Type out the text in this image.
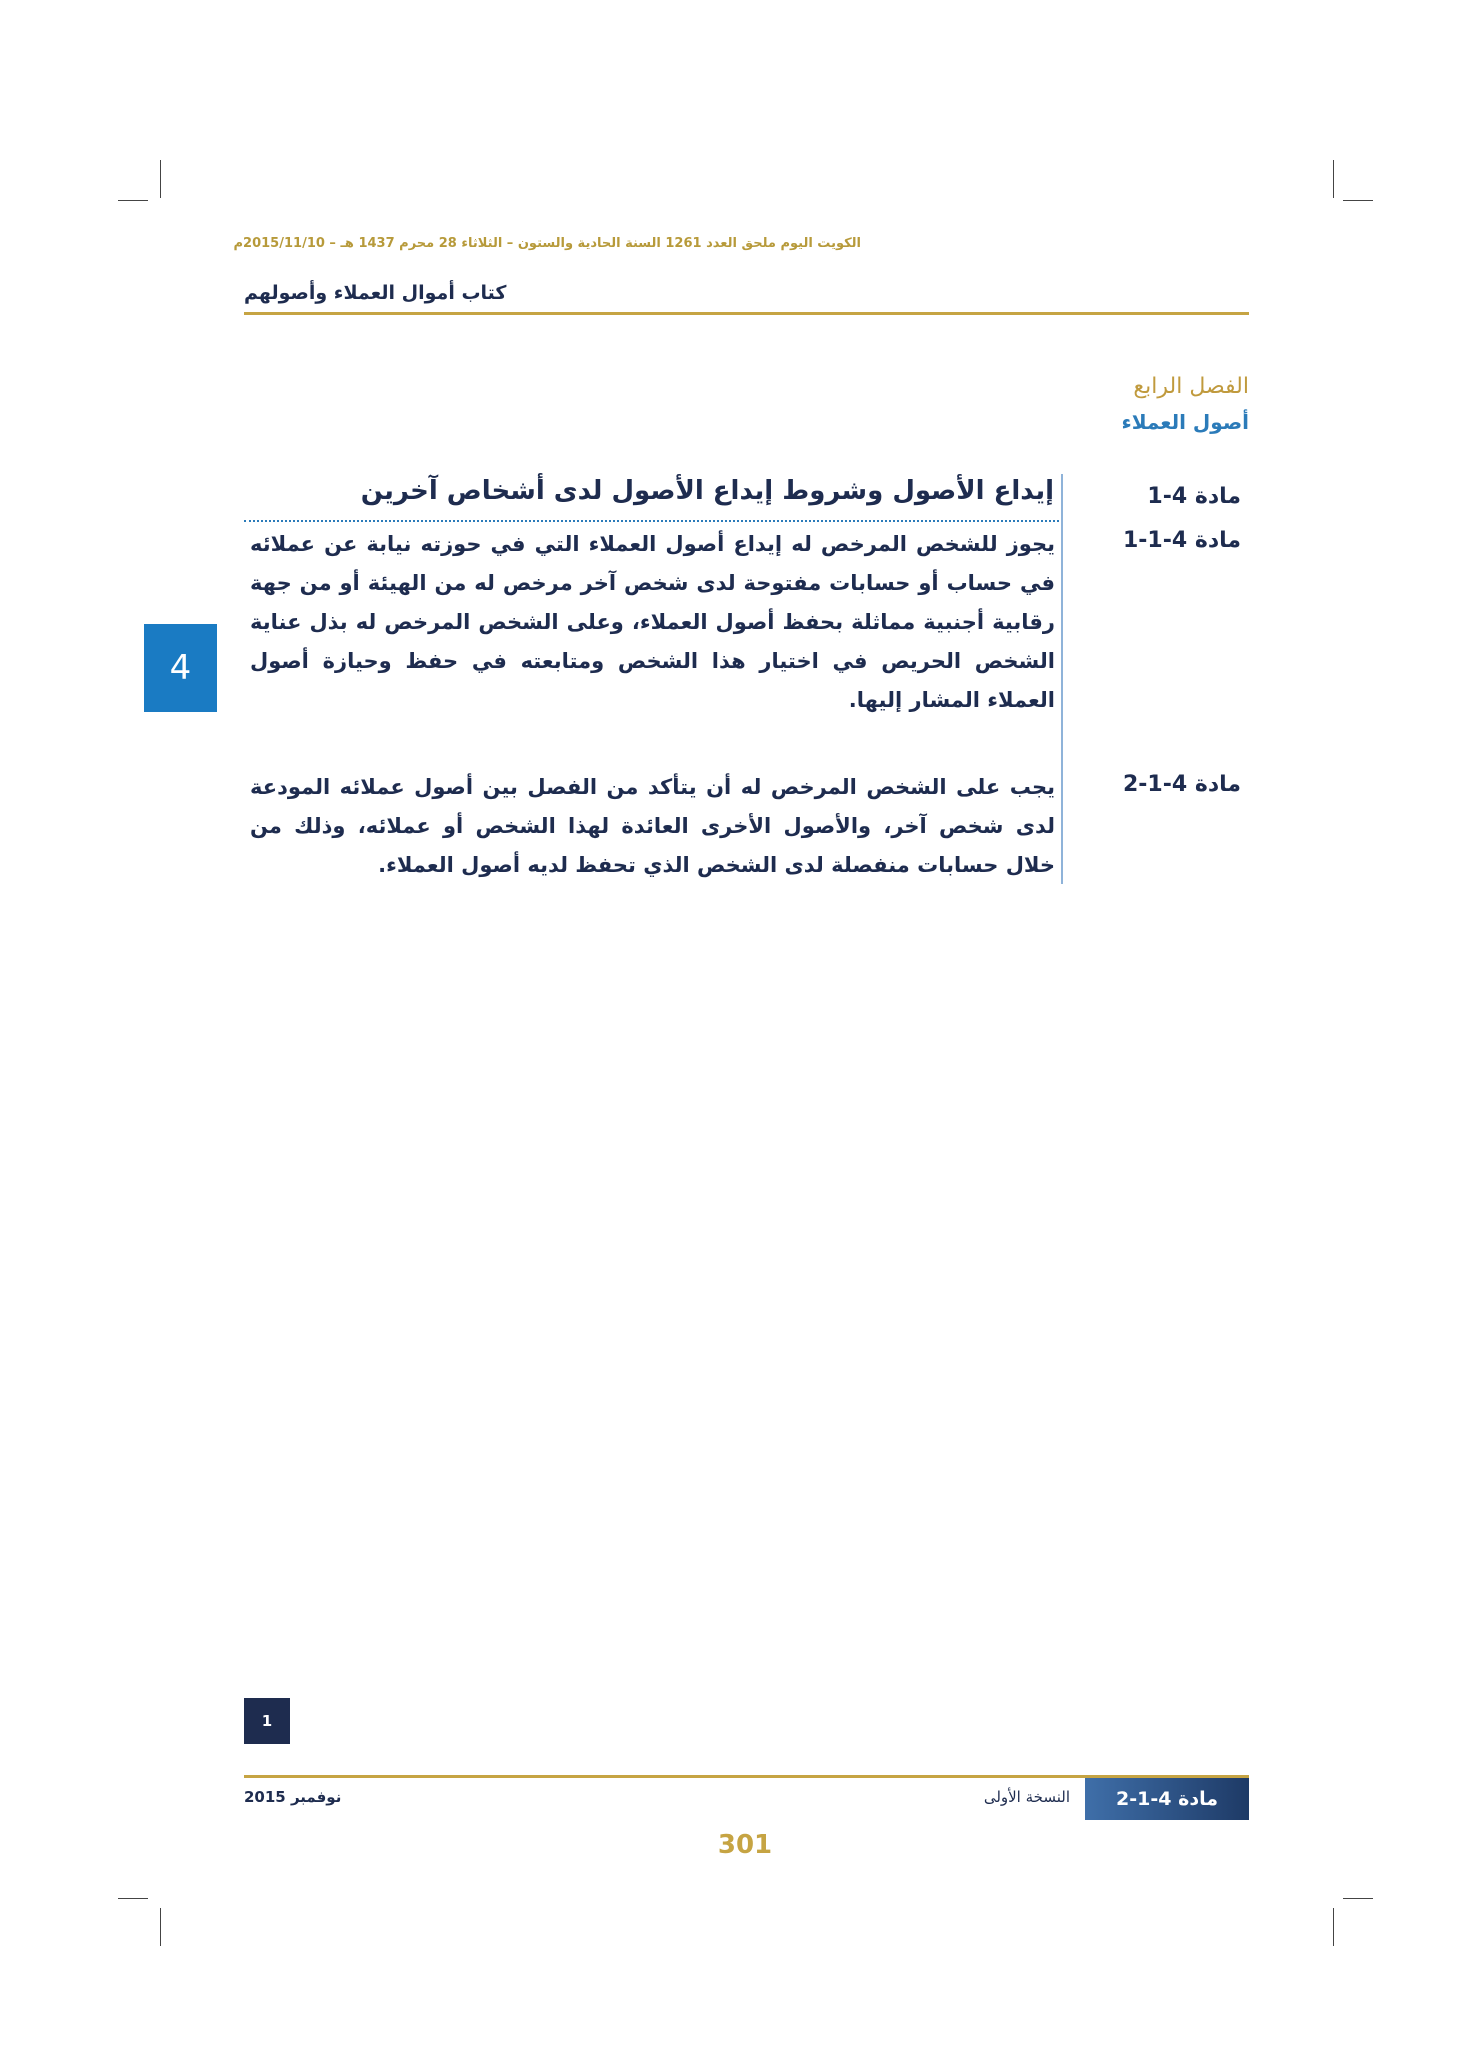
الكويت اليوم ملحق العدد 1261 السنة الحادية والستون – الثلاثاء 28 محرم 1437 هـ – 2015/11/10م
كتاب أموال العملاء وأصولهم
الفصل الرابع
أصول العملاء
مادة 4-1
إيداع الأصول وشروط إيداع الأصول لدى أشخاص آخرين
مادة 4-1-1
يجوز للشخص المرخص له إيداع أصول العملاء التي في حوزته نيابة عن عملائه في حساب أو حسابات مفتوحة لدى شخص آخر مرخص له من الهيئة أو من جهة رقابية أجنبية مماثلة بحفظ أصول العملاء، وعلى الشخص المرخص له بذل عناية الشخص الحريص في اختيار هذا الشخص ومتابعته في حفظ وحيازة أصول العملاء المشار إليها.
مادة 4-1-2
يجب على الشخص المرخص له أن يتأكد من الفصل بين أصول عملائه المودعة لدى شخص آخر، والأصول الأخرى العائدة لهذا الشخص أو عملائه، وذلك من خلال حسابات منفصلة لدى الشخص الذي تحفظ لديه أصول العملاء.
4
1
مادة 4-1-2
النسخة الأولى
نوفمبر 2015
301
